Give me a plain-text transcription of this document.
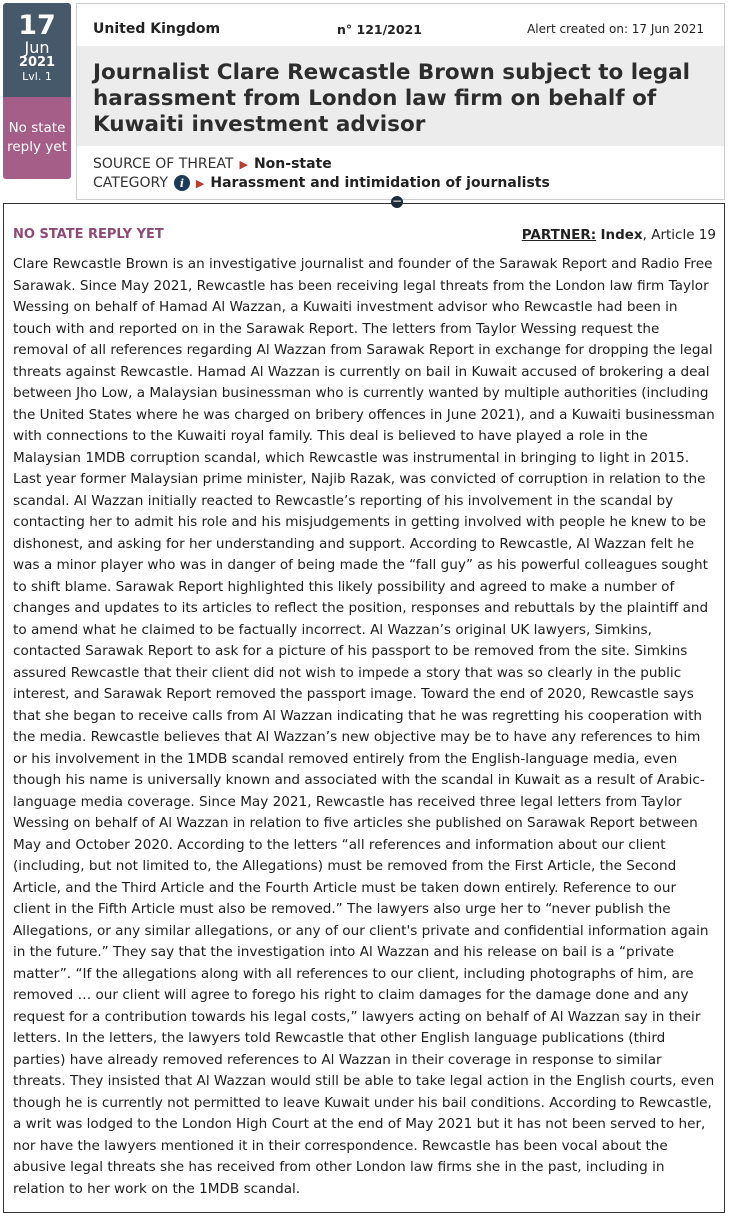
17
Jun
2021
Lvl. 1
No state reply yet
United Kingdom	n° 121/2021	Alert created on: 17 Jun 2021
Journalist Clare Rewcastle Brown subject to legal harassment from London law firm on behalf of Kuwaiti investment advisor
SOURCE OF THREAT ▶ Non-state
CATEGORY	i	▶ Harassment and intimidation of journalists
−
NO STATE REPLY YET	PARTNER: Index, Article 19

Clare Rewcastle Brown is an investigative journalist and founder of the Sarawak Report and Radio Free Sarawak. Since May 2021, Rewcastle has been receiving legal threats from the London law firm Taylor Wessing on behalf of Hamad Al Wazzan, a Kuwaiti investment advisor who Rewcastle had been in touch with and reported on in the Sarawak Report. The letters from Taylor Wessing request the removal of all references regarding Al Wazzan from Sarawak Report in exchange for dropping the legal threats against Rewcastle. Hamad Al Wazzan is currently on bail in Kuwait accused of brokering a deal between Jho Low, a Malaysian businessman who is currently wanted by multiple authorities (including the United States where he was charged on bribery offences in June 2021), and a Kuwaiti businessman with connections to the Kuwaiti royal family. This deal is believed to have played a role in the Malaysian 1MDB corruption scandal, which Rewcastle was instrumental in bringing to light in 2015. Last year former Malaysian prime minister, Najib Razak, was convicted of corruption in relation to the scandal. Al Wazzan initially reacted to Rewcastle’s reporting of his involvement in the scandal by contacting her to admit his role and his misjudgements in getting involved with people he knew to be dishonest, and asking for her understanding and support. According to Rewcastle, Al Wazzan felt he was a minor player who was in danger of being made the “fall guy” as his powerful colleagues sought to shift blame. Sarawak Report highlighted this likely possibility and agreed to make a number of changes and updates to its articles to reflect the position, responses and rebuttals by the plaintiff and to amend what he claimed to be factually incorrect. Al Wazzan’s original UK lawyers, Simkins, contacted Sarawak Report to ask for a picture of his passport to be removed from the site. Simkins assured Rewcastle that their client did not wish to impede a story that was so clearly in the public interest, and Sarawak Report removed the passport image. Toward the end of 2020, Rewcastle says that she began to receive calls from Al Wazzan indicating that he was regretting his cooperation with the media. Rewcastle believes that Al Wazzan’s new objective may be to have any references to him or his involvement in the 1MDB scandal removed entirely from the English-language media, even though his name is universally known and associated with the scandal in Kuwait as a result of Arabic-language media coverage. Since May 2021, Rewcastle has received three legal letters from Taylor Wessing on behalf of Al Wazzan in relation to five articles she published on Sarawak Report between May and October 2020. According to the letters “all references and information about our client (including, but not limited to, the Allegations) must be removed from the First Article, the Second Article, and the Third Article and the Fourth Article must be taken down entirely. Reference to our client in the Fifth Article must also be removed.” The lawyers also urge her to “never publish the Allegations, or any similar allegations, or any of our client's private and confidential information again in the future.” They say that the investigation into Al Wazzan and his release on bail is a “private matter”. “If the allegations along with all references to our client, including photographs of him, are removed … our client will agree to forego his right to claim damages for the damage done and any request for a contribution towards his legal costs,” lawyers acting on behalf of Al Wazzan say in their letters. In the letters, the lawyers told Rewcastle that other English language publications (third parties) have already removed references to Al Wazzan in their coverage in response to similar threats. They insisted that Al Wazzan would still be able to take legal action in the English courts, even though he is currently not permitted to leave Kuwait under his bail conditions. According to Rewcastle, a writ was lodged to the London High Court at the end of May 2021 but it has not been served to her, nor have the lawyers mentioned it in their correspondence. Rewcastle has been vocal about the abusive legal threats she has received from other London law firms she in the past, including in relation to her work on the 1MDB scandal.
